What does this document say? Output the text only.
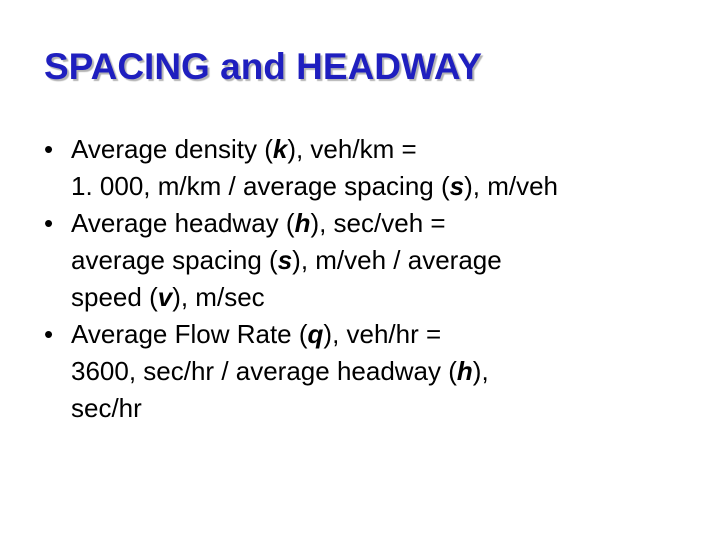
SPACING and HEADWAY
• Average density (k), veh/km =
1. 000, m/km / average spacing (s), m/veh
• Average headway (h), sec/veh =
average spacing (s), m/veh / average
speed (v), m/sec
• Average Flow Rate (q), veh/hr =
3600, sec/hr / average headway (h),
sec/hr
